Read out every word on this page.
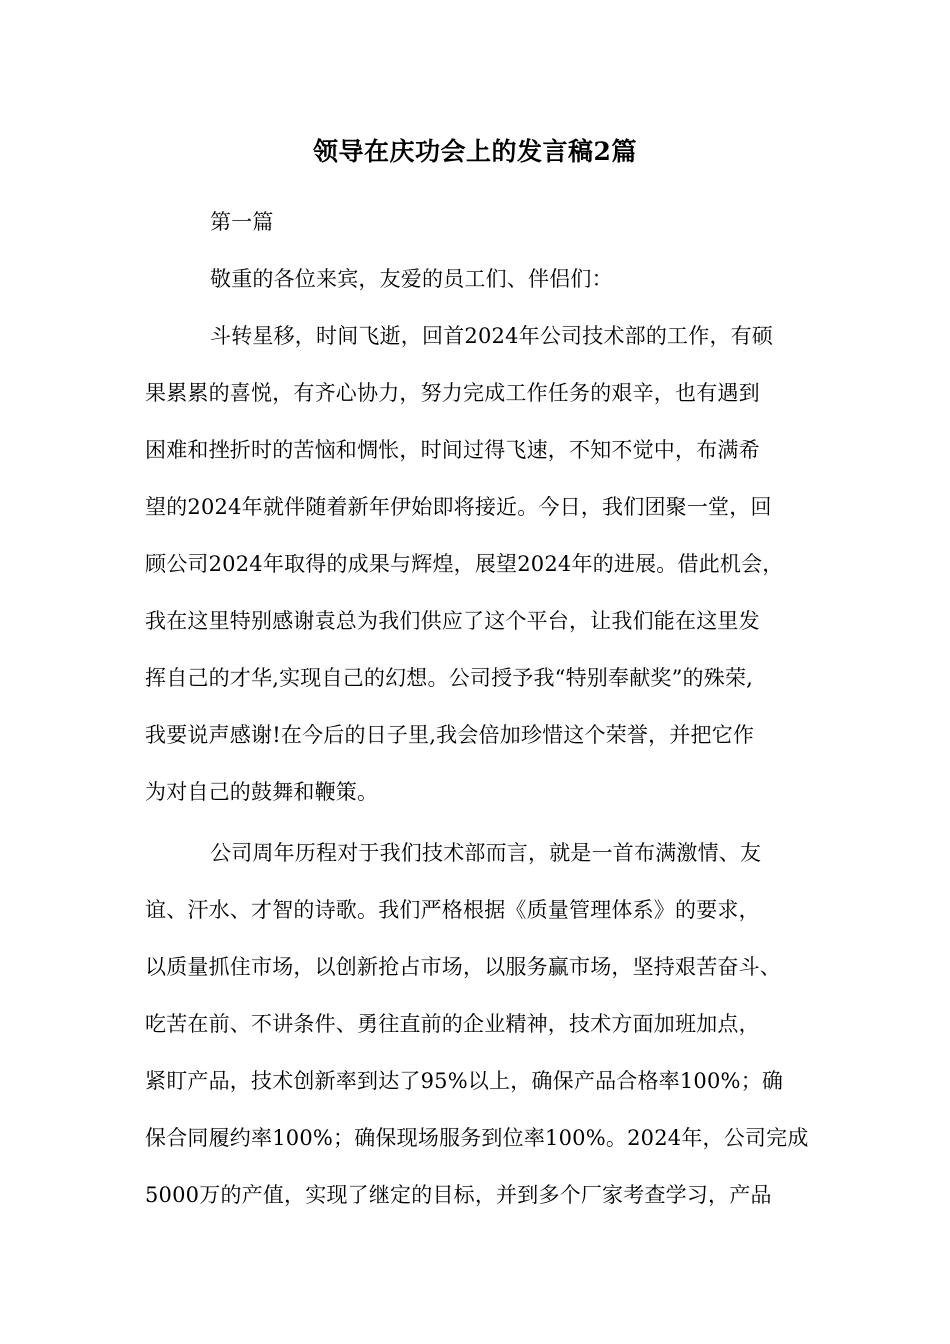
领导在庆功会上的发言稿2篇
第一篇
敬重的各位来宾，友爱的员工们、伴侣们：
斗转星移，时间飞逝，回首2024年公司技术部的工作，有硕
果累累的喜悦，有齐心协力，努力完成工作任务的艰辛，也有遇到
困难和挫折时的苦恼和惆怅，时间过得飞速，不知不觉中，布满希
望的2024年就伴随着新年伊始即将接近。今日，我们团聚一堂，回
顾公司2024年取得的成果与辉煌，展望2024年的进展。借此机会，
我在这里特别感谢袁总为我们供应了这个平台，让我们能在这里发
挥自己的才华,实现自己的幻想。公司授予我“特别奉献奖”的殊荣,
我要说声感谢!在今后的日子里,我会倍加珍惜这个荣誉，并把它作
为对自己的鼓舞和鞭策。
公司周年历程对于我们技术部而言，就是一首布满激情、友
谊、汗水、才智的诗歌。我们严格根据《质量管理体系》的要求，
以质量抓住市场，以创新抢占市场，以服务赢市场，坚持艰苦奋斗、
吃苦在前、不讲条件、勇往直前的企业精神，技术方面加班加点，
紧盯产品，技术创新率到达了95%以上，确保产品合格率100%；确
保合同履约率100%；确保现场服务到位率100%。2024年，公司完成
5000万的产值，实现了继定的目标，并到多个厂家考查学习，产品
